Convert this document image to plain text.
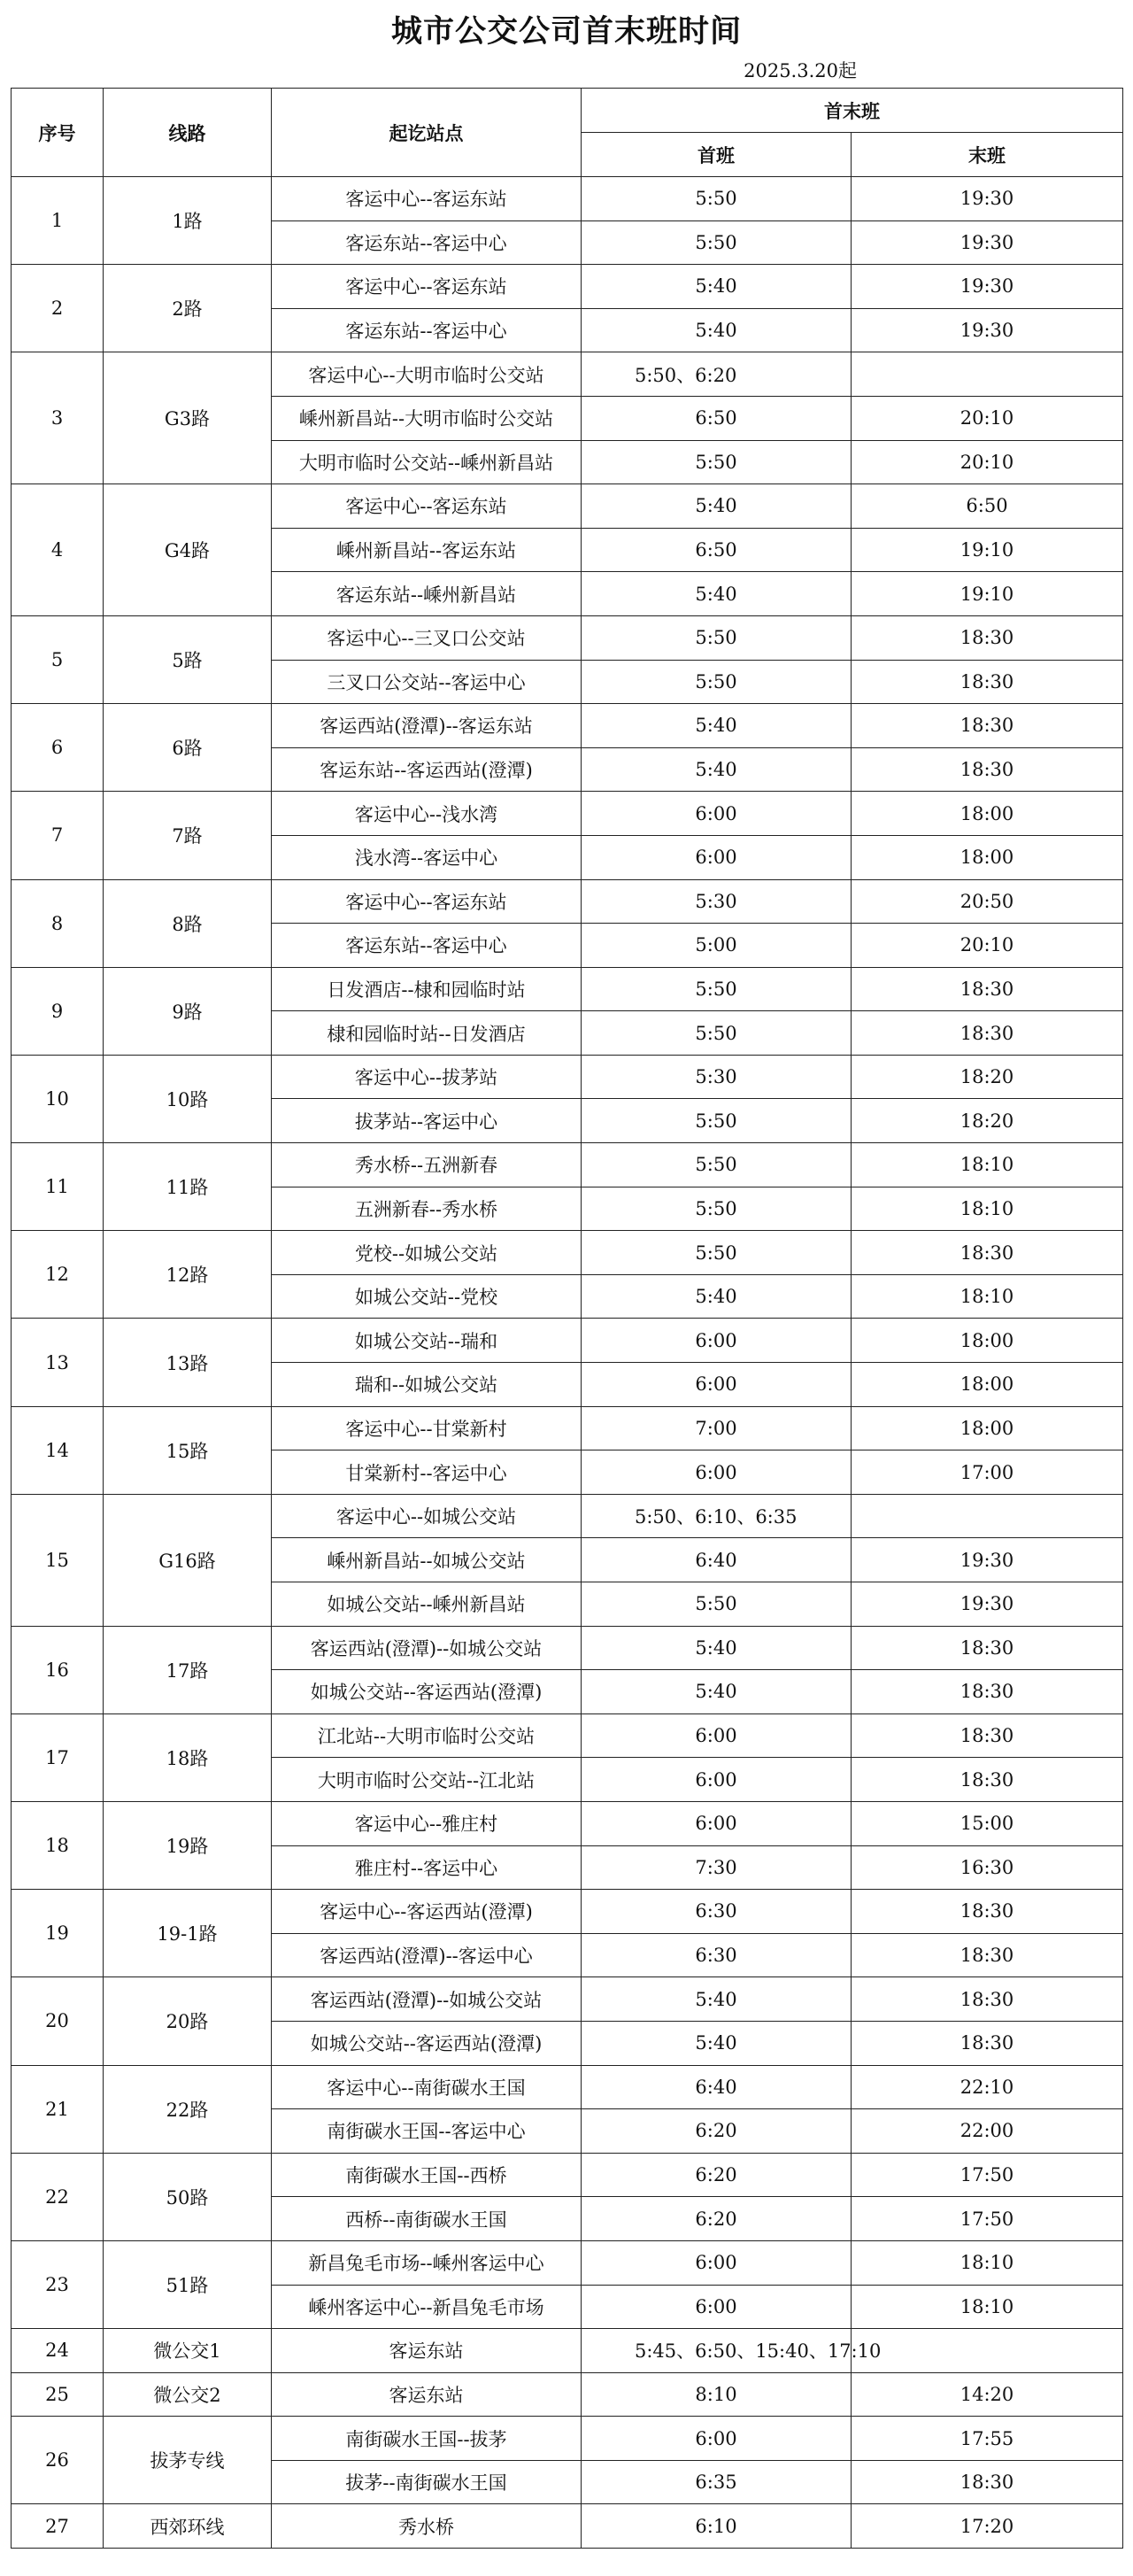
城市公交公司首末班时间
2025.3.20起
序号	线路	起讫站点	首末班	
			首班	末班
1	1路	客运中心--客运东站	5:50	19:30
		客运东站--客运中心	5:50	19:30
2	2路	客运中心--客运东站	5:40	19:30
		客运东站--客运中心	5:40	19:30
3	G3路	客运中心--大明市临时公交站	5:50、6:20	
		嵊州新昌站--大明市临时公交站	6:50	20:10
		大明市临时公交站--嵊州新昌站	5:50	20:10
4	G4路	客运中心--客运东站	5:40	6:50
		嵊州新昌站--客运东站	6:50	19:10
		客运东站--嵊州新昌站	5:40	19:10
5	5路	客运中心--三叉口公交站	5:50	18:30
		三叉口公交站--客运中心	5:50	18:30
6	6路	客运西站(澄潭)--客运东站	5:40	18:30
		客运东站--客运西站(澄潭)	5:40	18:30
7	7路	客运中心--浅水湾	6:00	18:00
		浅水湾--客运中心	6:00	18:00
8	8路	客运中心--客运东站	5:30	20:50
		客运东站--客运中心	5:00	20:10
9	9路	日发酒店--棣和园临时站	5:50	18:30
		棣和园临时站--日发酒店	5:50	18:30
10	10路	客运中心--拔茅站	5:30	18:20
		拔茅站--客运中心	5:50	18:20
11	11路	秀水桥--五洲新春	5:50	18:10
		五洲新春--秀水桥	5:50	18:10
12	12路	党校--如城公交站	5:50	18:30
		如城公交站--党校	5:40	18:10
13	13路	如城公交站--瑞和	6:00	18:00
		瑞和--如城公交站	6:00	18:00
14	15路	客运中心--甘棠新村	7:00	18:00
		甘棠新村--客运中心	6:00	17:00
15	G16路	客运中心--如城公交站	5:50、6:10、6:35	
		嵊州新昌站--如城公交站	6:40	19:30
		如城公交站--嵊州新昌站	5:50	19:30
16	17路	客运西站(澄潭)--如城公交站	5:40	18:30
		如城公交站--客运西站(澄潭)	5:40	18:30
17	18路	江北站--大明市临时公交站	6:00	18:30
		大明市临时公交站--江北站	6:00	18:30
18	19路	客运中心--雅庄村	6:00	15:00
		雅庄村--客运中心	7:30	16:30
19	19-1路	客运中心--客运西站(澄潭)	6:30	18:30
		客运西站(澄潭)--客运中心	6:30	18:30
20	20路	客运西站(澄潭)--如城公交站	5:40	18:30
		如城公交站--客运西站(澄潭)	5:40	18:30
21	22路	客运中心--南街碳水王国	6:40	22:10
		南街碳水王国--客运中心	6:20	22:00
22	50路	南街碳水王国--西桥	6:20	17:50
		西桥--南街碳水王国	6:20	17:50
23	51路	新昌兔毛市场--嵊州客运中心	6:00	18:10
		嵊州客运中心--新昌兔毛市场	6:00	18:10
24	微公交1	客运东站	5:45、6:50、15:40、17:10	
25	微公交2	客运东站	8:10	14:20
26	拔茅专线	南街碳水王国--拔茅	6:00	17:55
		拔茅--南街碳水王国	6:35	18:30
27	西郊环线	秀水桥	6:10	17:20
